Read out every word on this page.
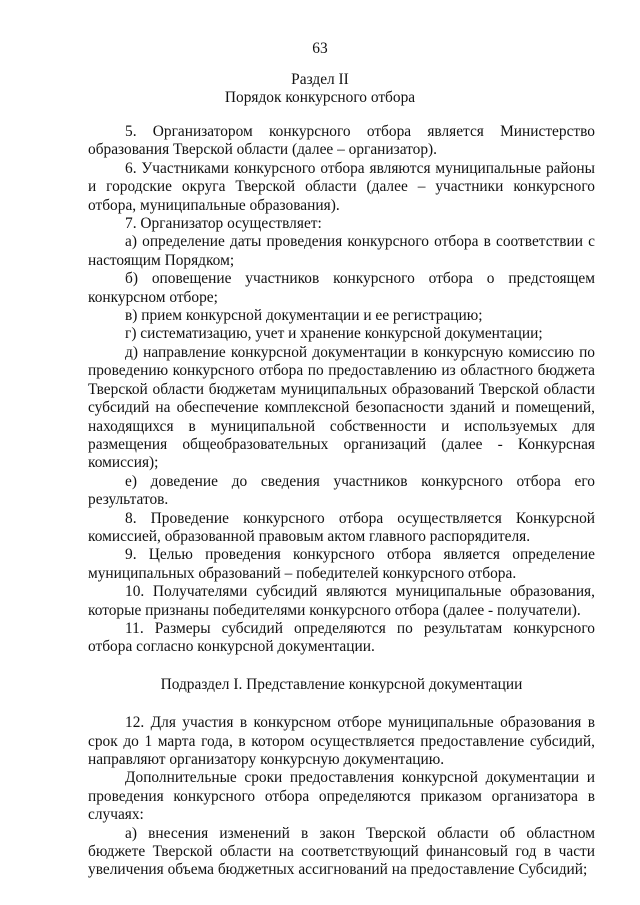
63
Раздел II
Порядок конкурсного отбора

5. Организатором конкурсного отбора является Министерство образования Тверской области (далее – организатор).

6. Участниками конкурсного отбора являются муниципальные районы и городские округа Тверской области (далее – участники конкурсного отбора, муниципальные образования).

7. Организатор осуществляет:

а) определение даты проведения конкурсного отбора в соответствии с настоящим Порядком;

б) оповещение участников конкурсного отбора о предстоящем конкурсном отборе;

в) прием конкурсной документации и ее регистрацию;

г) систематизацию, учет и хранение конкурсной документации;

д) направление конкурсной документации в конкурсную комиссию по проведению конкурсного отбора по предоставлению из областного бюджета Тверской области бюджетам муниципальных образований Тверской области субсидий на обеспечение комплексной безопасности зданий и помещений, находящихся в муниципальной собственности и используемых для размещения общеобразовательных организаций (далее - Конкурсная комиссия);

е) доведение до сведения участников конкурсного отбора его результатов.

8. Проведение конкурсного отбора осуществляется Конкурсной комиссией, образованной правовым актом главного распорядителя.

9. Целью проведения конкурсного отбора является определение муниципальных образований – победителей конкурсного отбора.

10. Получателями субсидий являются муниципальные образования, которые признаны победителями конкурсного отбора (далее - получатели).

11. Размеры субсидий определяются по результатам конкурсного отбора согласно конкурсной документации.

Подраздел I. Представление конкурсной документации

12. Для участия в конкурсном отборе муниципальные образования в срок до 1 марта года, в котором осуществляется предоставление субсидий, направляют организатору конкурсную документацию.

Дополнительные сроки предоставления конкурсной документации и проведения конкурсного отбора определяются приказом организатора в случаях:

а) внесения изменений в закон Тверской области об областном бюджете Тверской области на соответствующий финансовый год в части увеличения объема бюджетных ассигнований на предоставление Субсидий;
